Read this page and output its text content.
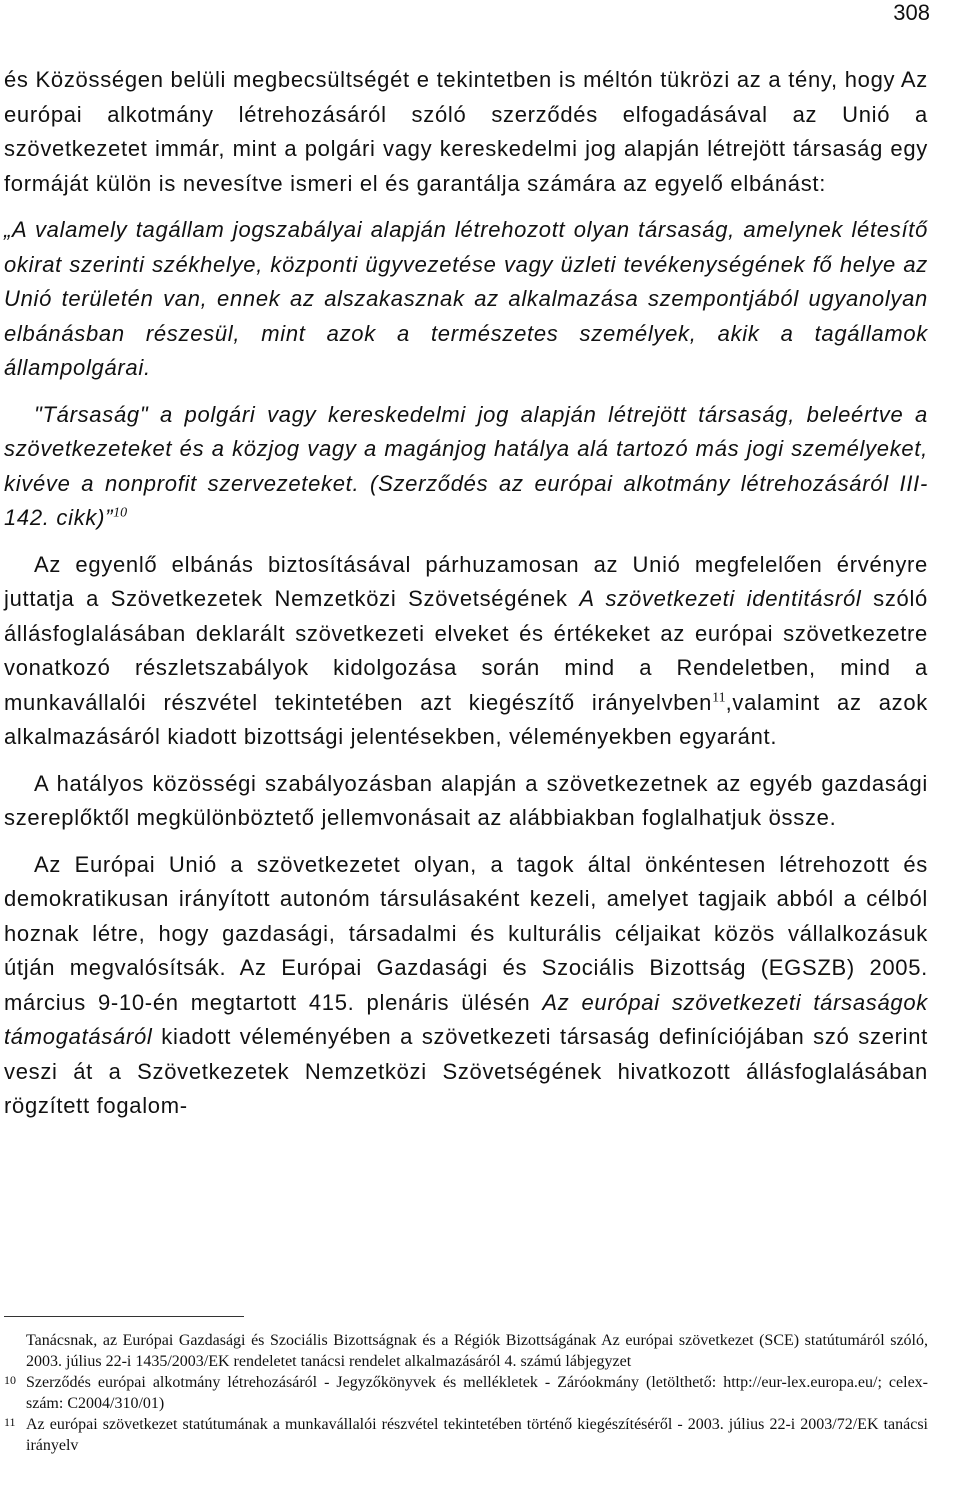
308

és Közösségen belüli megbecsültségét e tekintetben is méltón tükrözi az a tény, hogy Az európai alkotmány létrehozásáról szóló szerződés elfogadásával az Unió a szövetkezetet immár, mint a polgári vagy kereskedelmi jog alapján létrejött társaság egy formáját külön is nevesítve ismeri el és garantálja számára az egyelő elbánást:

„A valamely tagállam jogszabályai alapján létrehozott olyan társaság, amelynek létesítő okirat szerinti székhelye, központi ügyvezetése vagy üzleti tevékenységének fő helye az Unió területén van, ennek az alszakasznak az alkalmazása szempontjából ugyanolyan elbánásban részesül, mint azok a természetes személyek, akik a tagállamok állampolgárai.

"Társaság" a polgári vagy kereskedelmi jog alapján létrejött társaság, beleértve a szövetkezeteket és a közjog vagy a magánjog hatálya alá tartozó más jogi személyeket, kivéve a nonprofit szervezeteket. (Szerződés az európai alkotmány létrehozásáról III-142. cikk)”$^{10}$

Az egyenlő elbánás biztosításával párhuzamosan az Unió megfelelően érvényre juttatja a Szövetkezetek Nemzetközi Szövetségének A szövetkezeti identitásról szóló állásfoglalásában deklarált szövetkezeti elveket és értékeket az európai szövetkezetre vonatkozó részletszabályok kidolgozása során mind a Rendeletben, mind a munkavállalói részvétel tekintetében azt kiegészítő irányelvben$^{11}$,valamint az azok alkalmazásáról kiadott bizottsági jelentésekben, véleményekben egyaránt.

A hatályos közösségi szabályozásban alapján a szövetkezetnek az egyéb gazdasági szereplőktől megkülönböztető jellemvonásait az alábbiakban foglalhatjuk össze.

Az Európai Unió a szövetkezetet olyan, a tagok által önkéntesen létrehozott és demokratikusan irányított autonóm társulásaként kezeli, amelyet tagjaik abból a célból hoznak létre, hogy gazdasági, társadalmi és kulturális céljaikat közös vállalkozásuk útján megvalósítsák. Az Európai Gazdasági és Szociális Bizottság (EGSZB) 2005. március 9-10-én megtartott 415. plenáris ülésén Az európai szövetkezeti társaságok támogatásáról kiadott véleményében a szövetkezeti társaság definíciójában szó szerint veszi át a Szövetkezetek Nemzetközi Szövetségének hivatkozott állásfoglalásában rögzített fogalom-

Tanácsnak, az Európai Gazdasági és Szociális Bizottságnak és a Régiók Bizottságának Az európai szövetkezet (SCE) statútumáról szóló, 2003. július 22-i 1435/2003/EK rendeletet tanácsi rendelet alkalmazásáról 4. számú lábjegyzet
10 Szerződés európai alkotmány létrehozásáról - Jegyzőkönyvek és mellékletek - Záróokmány (letölthető: http://eur-lex.europa.eu/; celex-szám: C2004/310/01)
11 Az európai szövetkezet statútumának a munkavállalói részvétel tekintetében történő kiegészítéséről - 2003. július 22-i 2003/72/EK tanácsi irányelv
